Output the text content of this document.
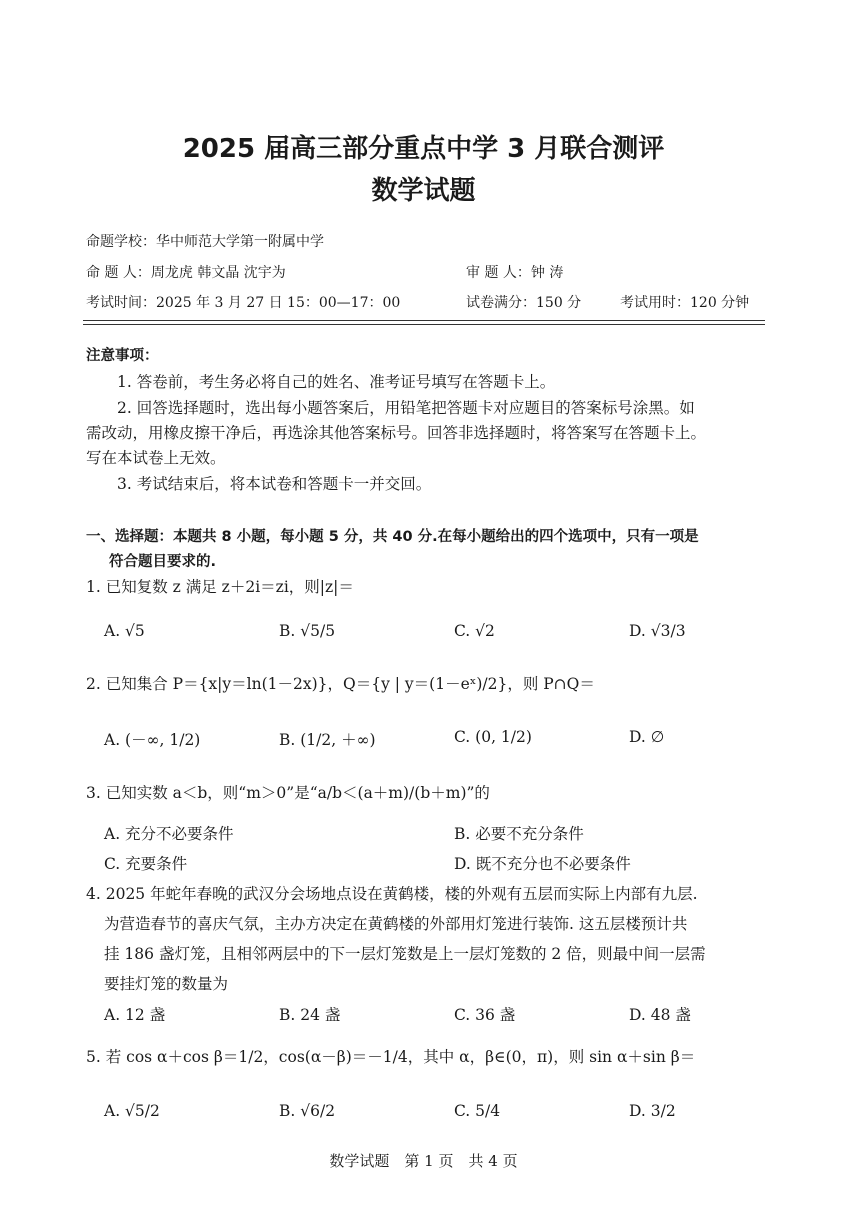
2025 届高三部分重点中学 3 月联合测评
数学试题
命题学校：华中师范大学第一附属中学
命 题 人：周龙虎 韩文晶 沈宇为	审 题 人：钟 涛
考试时间：2025 年 3 月 27 日 15：00—17：00	试卷满分：150 分	考试用时：120 分钟
注意事项：
1. 答卷前，考生务必将自己的姓名、准考证号填写在答题卡上。
2. 回答选择题时，选出每小题答案后，用铅笔把答题卡对应题目的答案标号涂黑。如
需改动，用橡皮擦干净后，再选涂其他答案标号。回答非选择题时，将答案写在答题卡上。
写在本试卷上无效。
3. 考试结束后，将本试卷和答题卡一并交回。
一、选择题：本题共 8 小题，每小题 5 分，共 40 分.在每小题给出的四个选项中，只有一项是
符合题目要求的.
1. 已知复数 z 满足 z＋2i＝zi，则|z|＝
A. √5	B. √5/5	C. √2	D. √3/3
2. 已知集合 P＝{x|y＝ln(1－2x)}，Q＝{y | y＝(1－eˣ)/2}，则 P∩Q＝
A. (－∞, 1/2)	B. (1/2, ＋∞)	C. (0, 1/2)	D. ∅
3. 已知实数 a＜b，则“m＞0”是“a/b＜(a＋m)/(b＋m)”的
A. 充分不必要条件	B. 必要不充分条件
C. 充要条件	D. 既不充分也不必要条件
4. 2025 年蛇年春晚的武汉分会场地点设在黄鹤楼，楼的外观有五层而实际上内部有九层.
为营造春节的喜庆气氛，主办方决定在黄鹤楼的外部用灯笼进行装饰. 这五层楼预计共
挂 186 盏灯笼，且相邻两层中的下一层灯笼数是上一层灯笼数的 2 倍，则最中间一层需
要挂灯笼的数量为
A. 12 盏	B. 24 盏	C. 36 盏	D. 48 盏
5. 若 cos α＋cos β＝1/2，cos(α－β)＝－1/4，其中 α，β∈(0，π)，则 sin α＋sin β＝
A. √5/2	B. √6/2	C. 5/4	D. 3/2
数学试题　第 1 页　共 4 页
